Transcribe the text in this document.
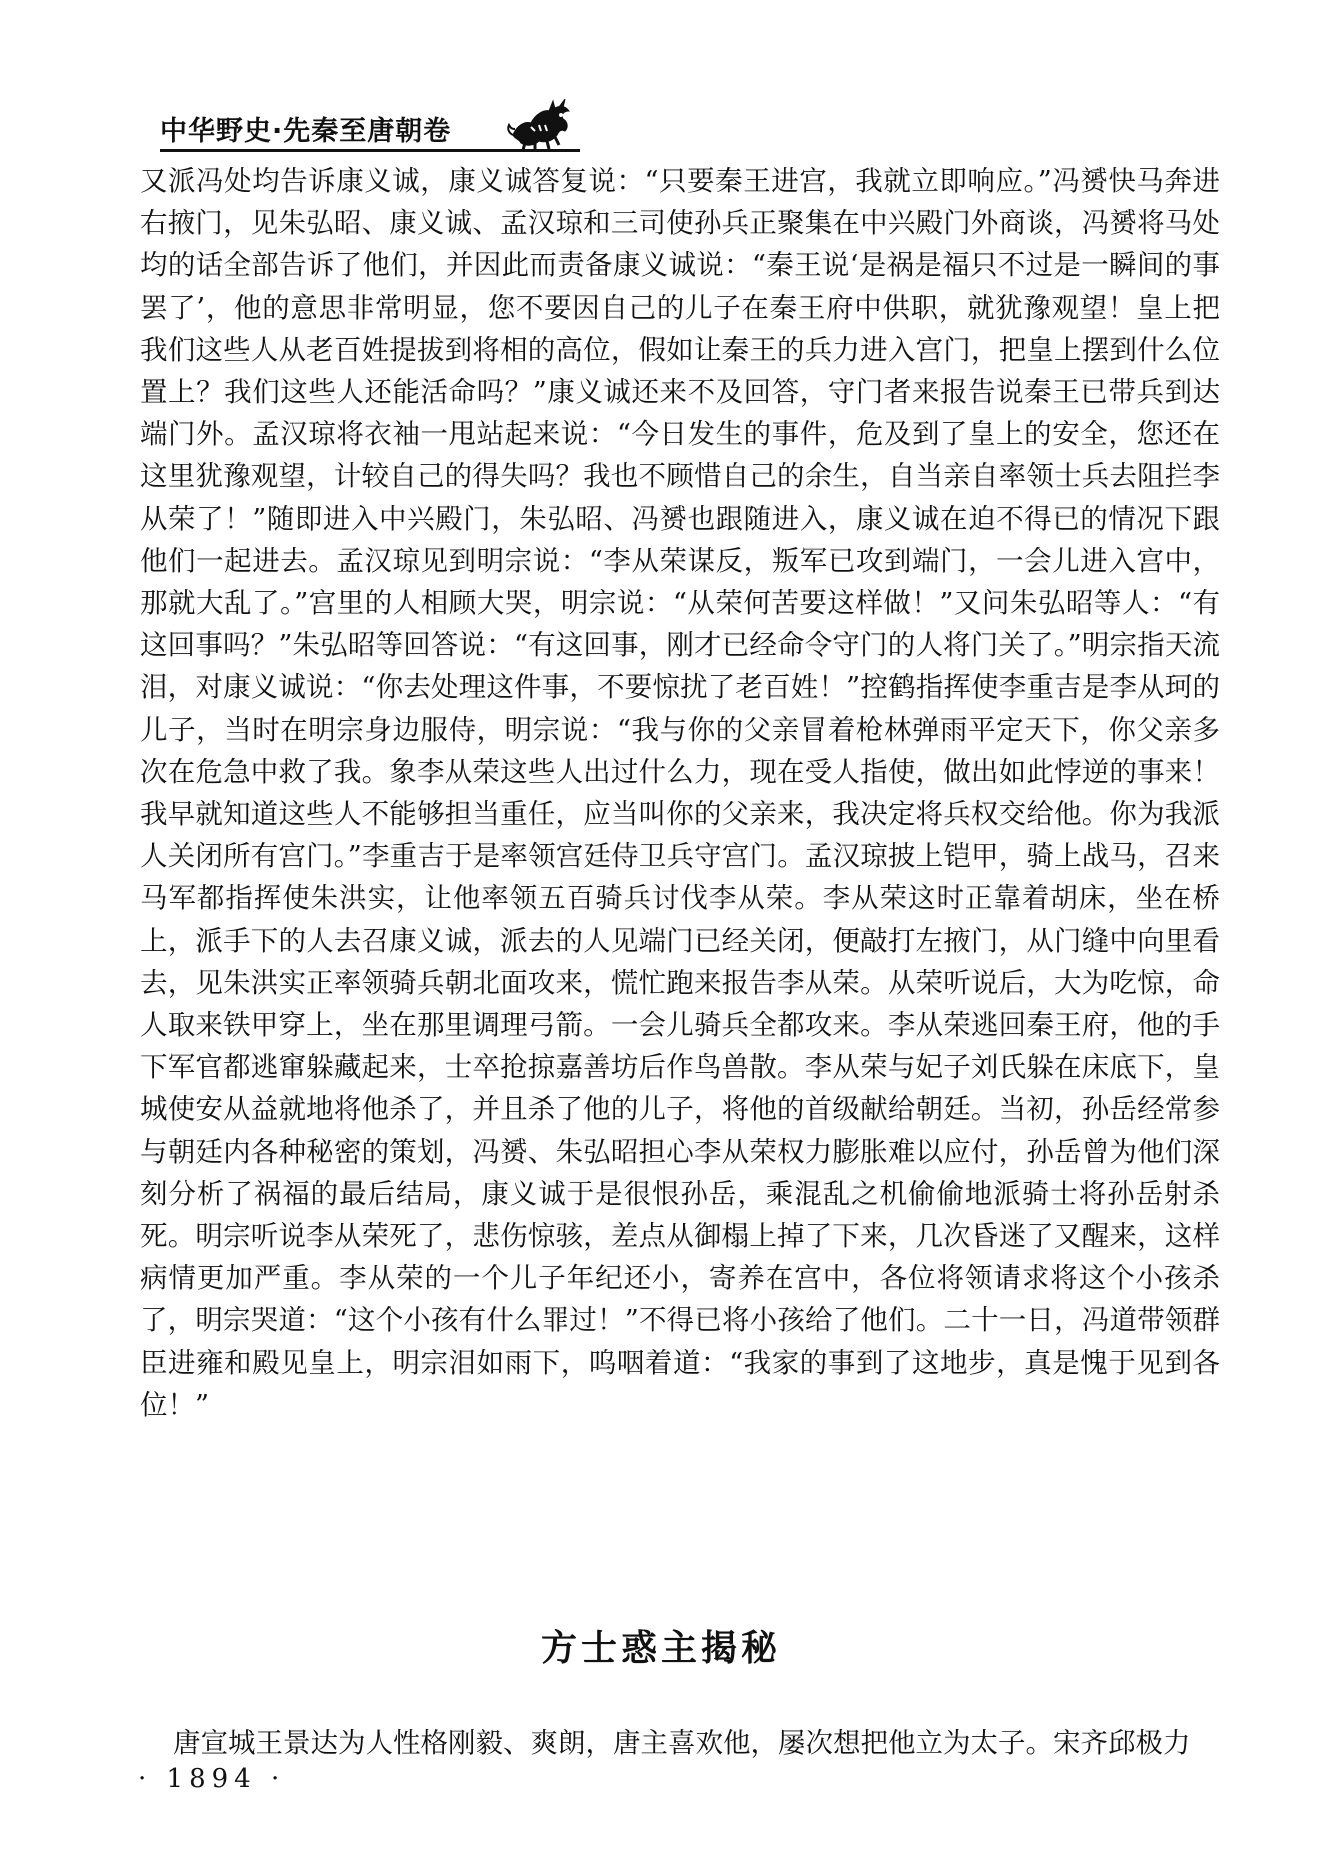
中华野史·先秦至唐朝卷

又派冯处均告诉康义诚，康义诚答复说：“只要秦王进宫，我就立即响应。”冯赟快马奔进右掖门，见朱弘昭、康义诚、孟汉琼和三司使孙兵正聚集在中兴殿门外商谈，冯赟将马处均的话全部告诉了他们，并因此而责备康义诚说：“秦王说‘是祸是福只不过是一瞬间的事罢了’，他的意思非常明显，您不要因自己的儿子在秦王府中供职，就犹豫观望！皇上把我们这些人从老百姓提拔到将相的高位，假如让秦王的兵力进入宫门，把皇上摆到什么位置上？我们这些人还能活命吗？”康义诚还来不及回答，守门者来报告说秦王已带兵到达端门外。孟汉琼将衣袖一甩站起来说：“今日发生的事件，危及到了皇上的安全，您还在这里犹豫观望，计较自己的得失吗？我也不顾惜自己的余生，自当亲自率领士兵去阻拦李从荣了！”随即进入中兴殿门，朱弘昭、冯赟也跟随进入，康义诚在迫不得已的情况下跟他们一起进去。孟汉琼见到明宗说：“李从荣谋反，叛军已攻到端门，一会儿进入宫中，那就大乱了。”宫里的人相顾大哭，明宗说：“从荣何苦要这样做！”又问朱弘昭等人：“有这回事吗？”朱弘昭等回答说：“有这回事，刚才已经命令守门的人将门关了。”明宗指天流泪，对康义诚说：“你去处理这件事，不要惊扰了老百姓！”控鹤指挥使李重吉是李从珂的儿子，当时在明宗身边服侍，明宗说：“我与你的父亲冒着枪林弹雨平定天下，你父亲多次在危急中救了我。象李从荣这些人出过什么力，现在受人指使，做出如此悖逆的事来！我早就知道这些人不能够担当重任，应当叫你的父亲来，我决定将兵权交给他。你为我派人关闭所有宫门。”李重吉于是率领宫廷侍卫兵守宫门。孟汉琼披上铠甲，骑上战马，召来马军都指挥使朱洪实，让他率领五百骑兵讨伐李从荣。李从荣这时正靠着胡床，坐在桥上，派手下的人去召康义诚，派去的人见端门已经关闭，便敲打左掖门，从门缝中向里看去，见朱洪实正率领骑兵朝北面攻来，慌忙跑来报告李从荣。从荣听说后，大为吃惊，命人取来铁甲穿上，坐在那里调理弓箭。一会儿骑兵全都攻来。李从荣逃回秦王府，他的手下军官都逃窜躲藏起来，士卒抢掠嘉善坊后作鸟兽散。李从荣与妃子刘氏躲在床底下，皇城使安从益就地将他杀了，并且杀了他的儿子，将他的首级献给朝廷。当初，孙岳经常参与朝廷内各种秘密的策划，冯赟、朱弘昭担心李从荣权力膨胀难以应付，孙岳曾为他们深刻分析了祸福的最后结局，康义诚于是很恨孙岳，乘混乱之机偷偷地派骑士将孙岳射杀死。明宗听说李从荣死了，悲伤惊骇，差点从御榻上掉了下来，几次昏迷了又醒来，这样病情更加严重。李从荣的一个儿子年纪还小，寄养在宫中，各位将领请求将这个小孩杀了，明宗哭道：“这个小孩有什么罪过！”不得已将小孩给了他们。二十一日，冯道带领群臣进雍和殿见皇上，明宗泪如雨下，呜咽着道：“我家的事到了这地步，真是愧于见到各位！”

方士惑主揭秘

唐宣城王景达为人性格刚毅、爽朗，唐主喜欢他，屡次想把他立为太子。宋齐邱极力

· 1894 ·
